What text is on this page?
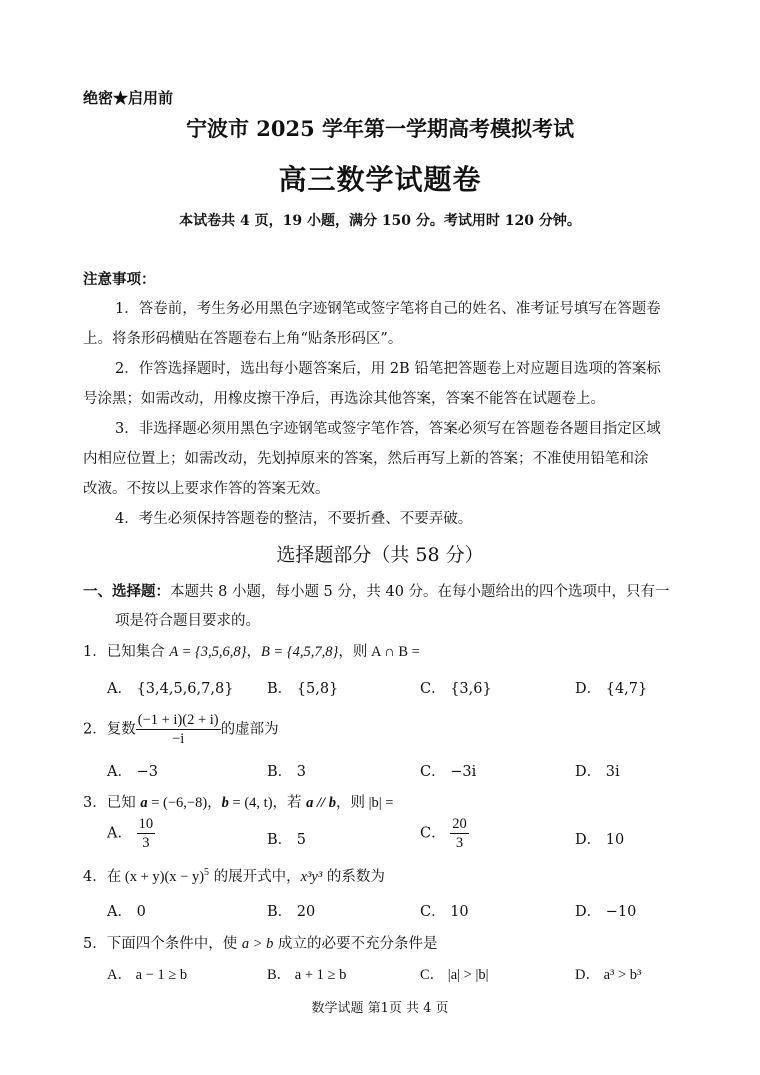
绝密★启用前
宁波市 2025 学年第一学期高考模拟考试
高三数学试题卷
本试卷共 4 页，19 小题，满分 150 分。考试用时 120 分钟。
注意事项：
1．答卷前，考生务必用黑色字迹钢笔或签字笔将自己的姓名、准考证号填写在答题卷
上。将条形码横贴在答题卷右上角“贴条形码区”。
2．作答选择题时，选出每小题答案后，用 2B 铅笔把答题卷上对应题目选项的答案标
号涂黑；如需改动，用橡皮擦干净后，再选涂其他答案，答案不能答在试题卷上。
3．非选择题必须用黑色字迹钢笔或签字笔作答，答案必须写在答题卷各题目指定区域
内相应位置上；如需改动，先划掉原来的答案，然后再写上新的答案；不准使用铅笔和涂
改液。不按以上要求作答的答案无效。
4．考生必须保持答题卷的整洁，不要折叠、不要弄破。
选择题部分（共 58 分）
一、选择题：本题共 8 小题，每小题 5 分，共 40 分。在每小题给出的四个选项中，只有一
项是符合题目要求的。
1．已知集合 A = {3,5,6,8}，B = {4,5,7,8}，则 A ∩ B =
A． {3,4,5,6,7,8} B． {5,8}	C． {3,6}	D． {4,7}
2．复数 $\frac{(-1 + i)(2 + i)}{-i}$ 的虚部为
A． −3	B． 3	C． −3i	D． 3i
3．已知 a = (−6,−8)，b = (4, t)，若 a // b，则 |b| =
A． $\frac{10}{3}$	B． 5	C． $\frac{20}{3}$	D． 10
4．在 $(x + y)(x - y)^5$ 的展开式中，x³y³ 的系数为
A． 0	B． 20	C． 10	D． −10
5．下面四个条件中，使 a > b 成立的必要不充分条件是
A． a − 1 ≥ b	B． a + 1 ≥ b	C． |a| > |b|	D． a³ > b³
数学试题 第1页 共 4 页
